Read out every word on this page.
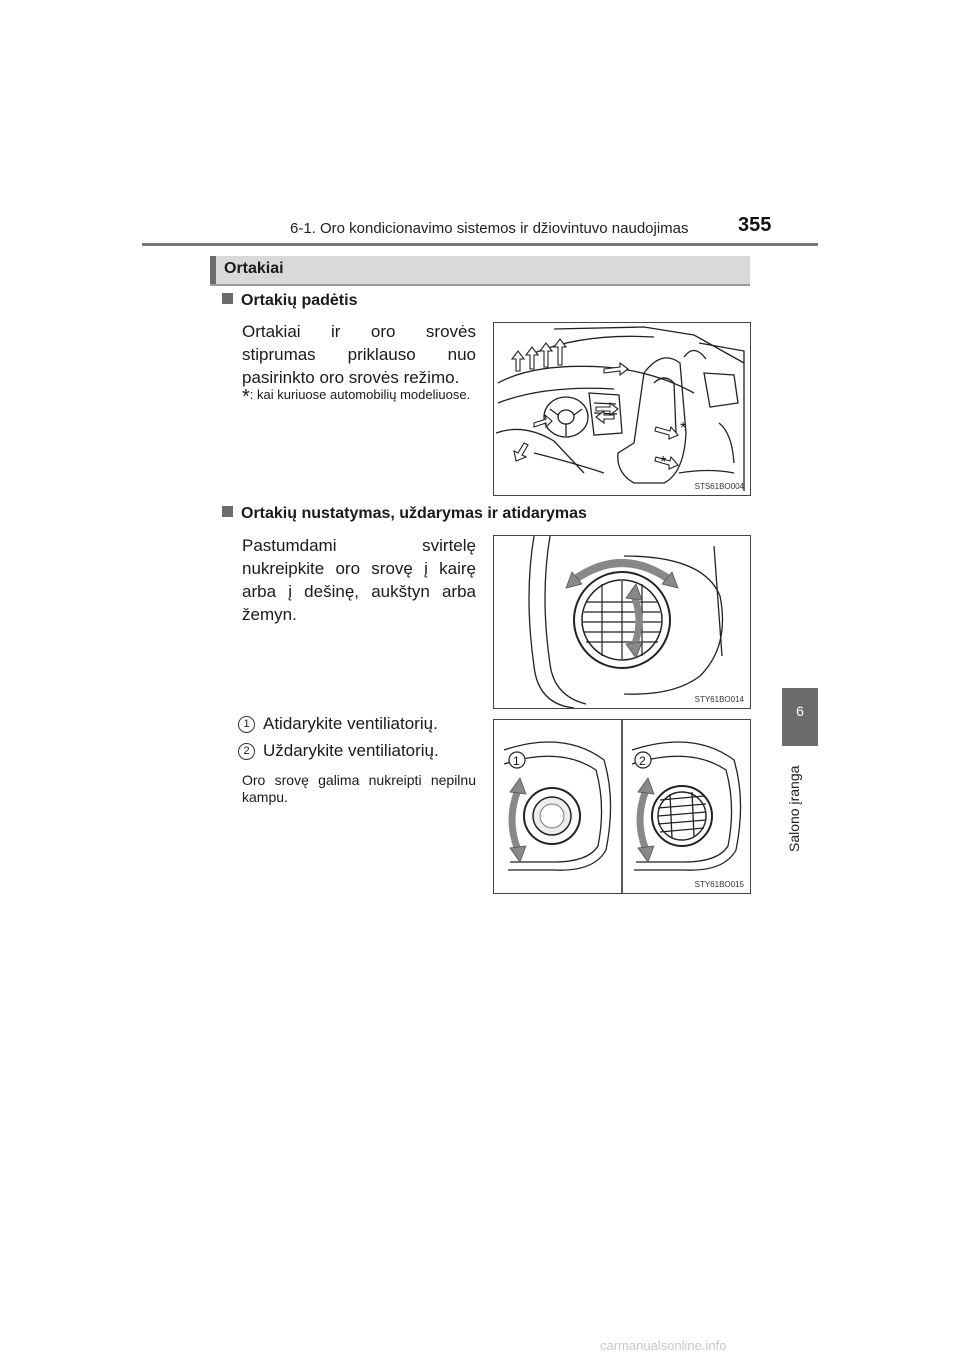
6-1. Oro kondicionavimo sistemos ir džiovintuvo naudojimas 355
6
Salono įranga
Ortakiai
Ortakių padėtis
Ortakiai ir oro srovės stiprumas priklauso nuo pasirinkto oro srovės režimo.
*: kai kuriuose automobilių modeliuose.
*
*
STS61BO004
Ortakių nustatymas, uždarymas ir atidarymas
Pastumdami svirtelę nukreipkite oro srovę į kairę arba į dešinę, aukštyn arba žemyn.
STY61BO014
1 Atidarykite ventiliatorių.
2 Uždarykite ventiliatorių.
Oro srovę galima nukreipti nepilnu kampu.
1	2
STY61BO015
carmanualsonline.info
